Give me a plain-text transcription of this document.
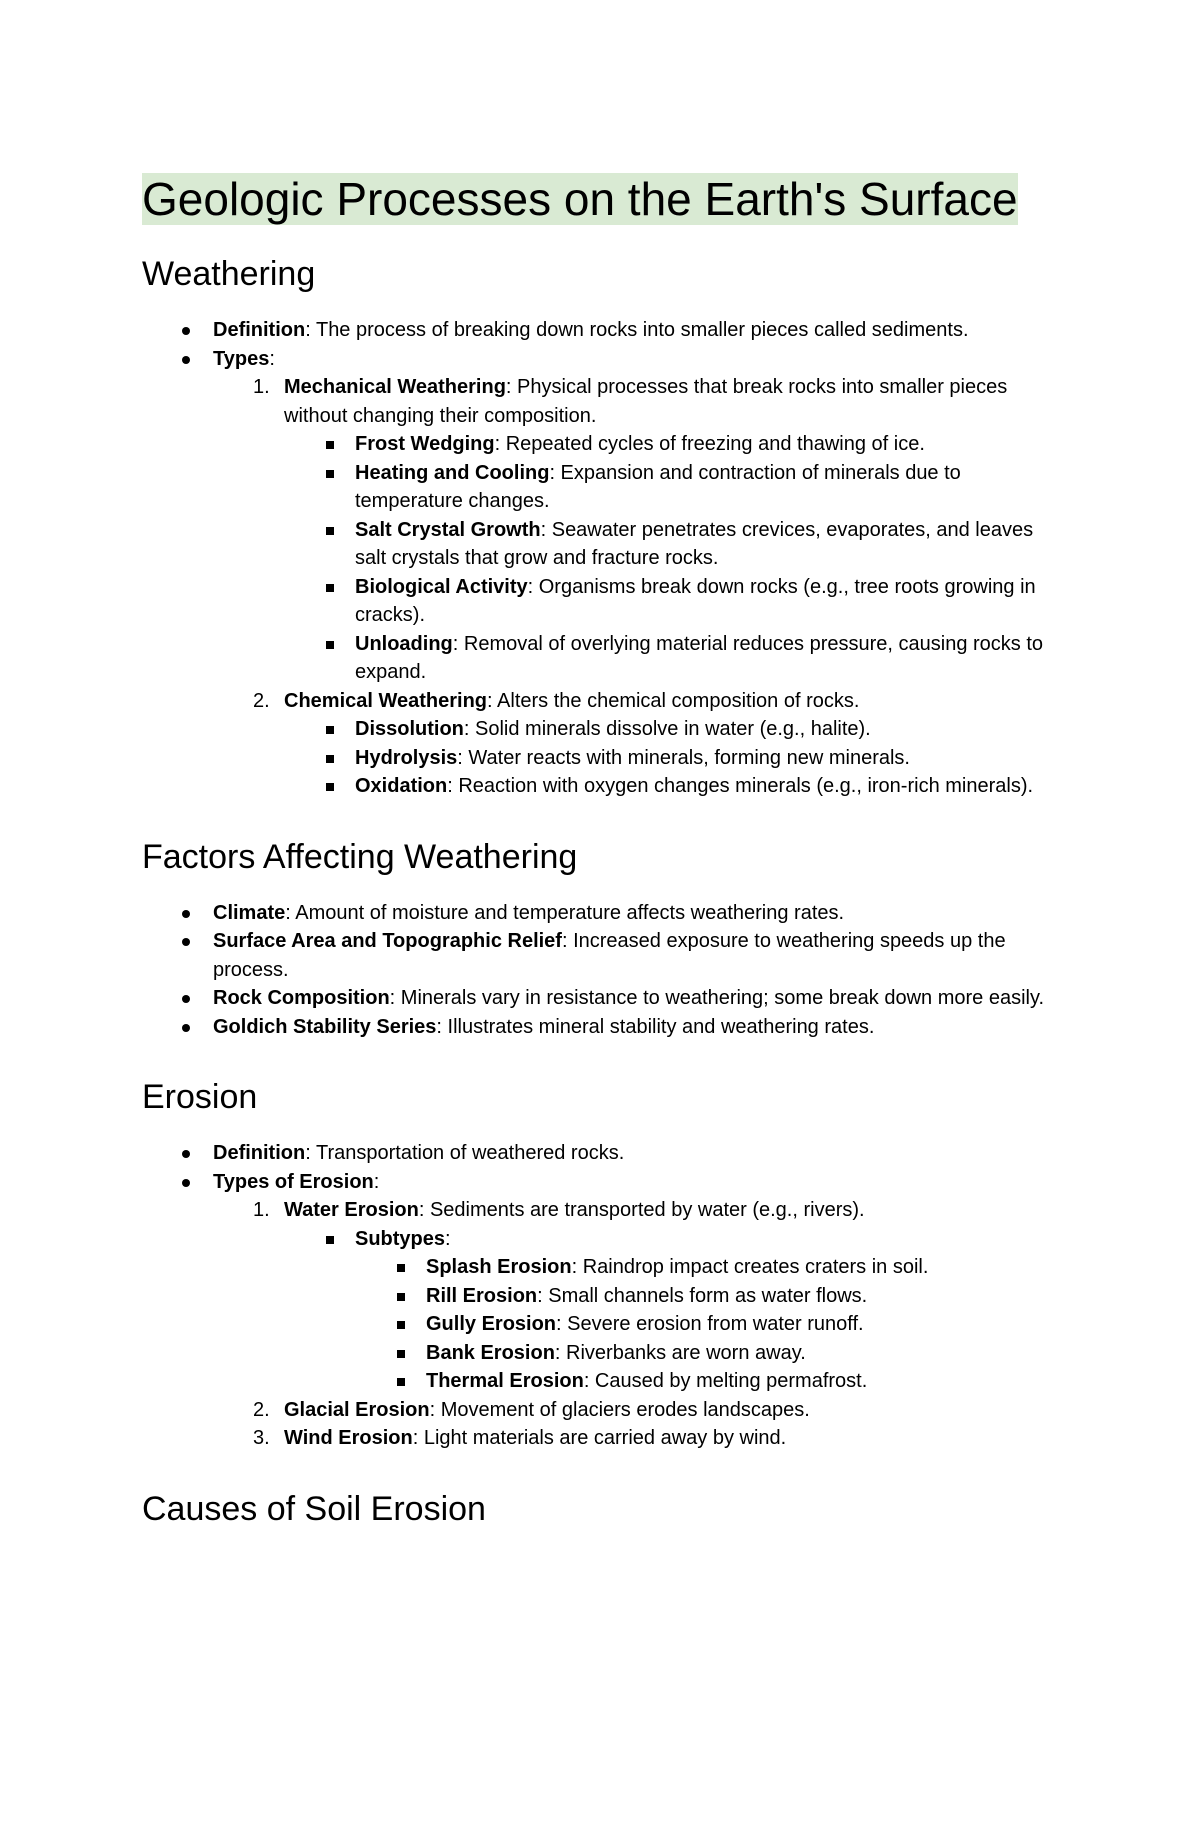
Geologic Processes on the Earth's Surface
Weathering
Definition: The process of breaking down rocks into smaller pieces called sediments.
Types:
1. Mechanical Weathering: Physical processes that break rocks into smaller pieces without changing their composition.
Frost Wedging: Repeated cycles of freezing and thawing of ice.
Heating and Cooling: Expansion and contraction of minerals due to temperature changes.
Salt Crystal Growth: Seawater penetrates crevices, evaporates, and leaves salt crystals that grow and fracture rocks.
Biological Activity: Organisms break down rocks (e.g., tree roots growing in cracks).
Unloading: Removal of overlying material reduces pressure, causing rocks to expand.
2. Chemical Weathering: Alters the chemical composition of rocks.
Dissolution: Solid minerals dissolve in water (e.g., halite).
Hydrolysis: Water reacts with minerals, forming new minerals.
Oxidation: Reaction with oxygen changes minerals (e.g., iron-rich minerals).
Factors Affecting Weathering
Climate: Amount of moisture and temperature affects weathering rates.
Surface Area and Topographic Relief: Increased exposure to weathering speeds up the process.
Rock Composition: Minerals vary in resistance to weathering; some break down more easily.
Goldich Stability Series: Illustrates mineral stability and weathering rates.
Erosion
Definition: Transportation of weathered rocks.
Types of Erosion:
1. Water Erosion: Sediments are transported by water (e.g., rivers).
Subtypes:
Splash Erosion: Raindrop impact creates craters in soil.
Rill Erosion: Small channels form as water flows.
Gully Erosion: Severe erosion from water runoff.
Bank Erosion: Riverbanks are worn away.
Thermal Erosion: Caused by melting permafrost.
2. Glacial Erosion: Movement of glaciers erodes landscapes.
3. Wind Erosion: Light materials are carried away by wind.
Causes of Soil Erosion
